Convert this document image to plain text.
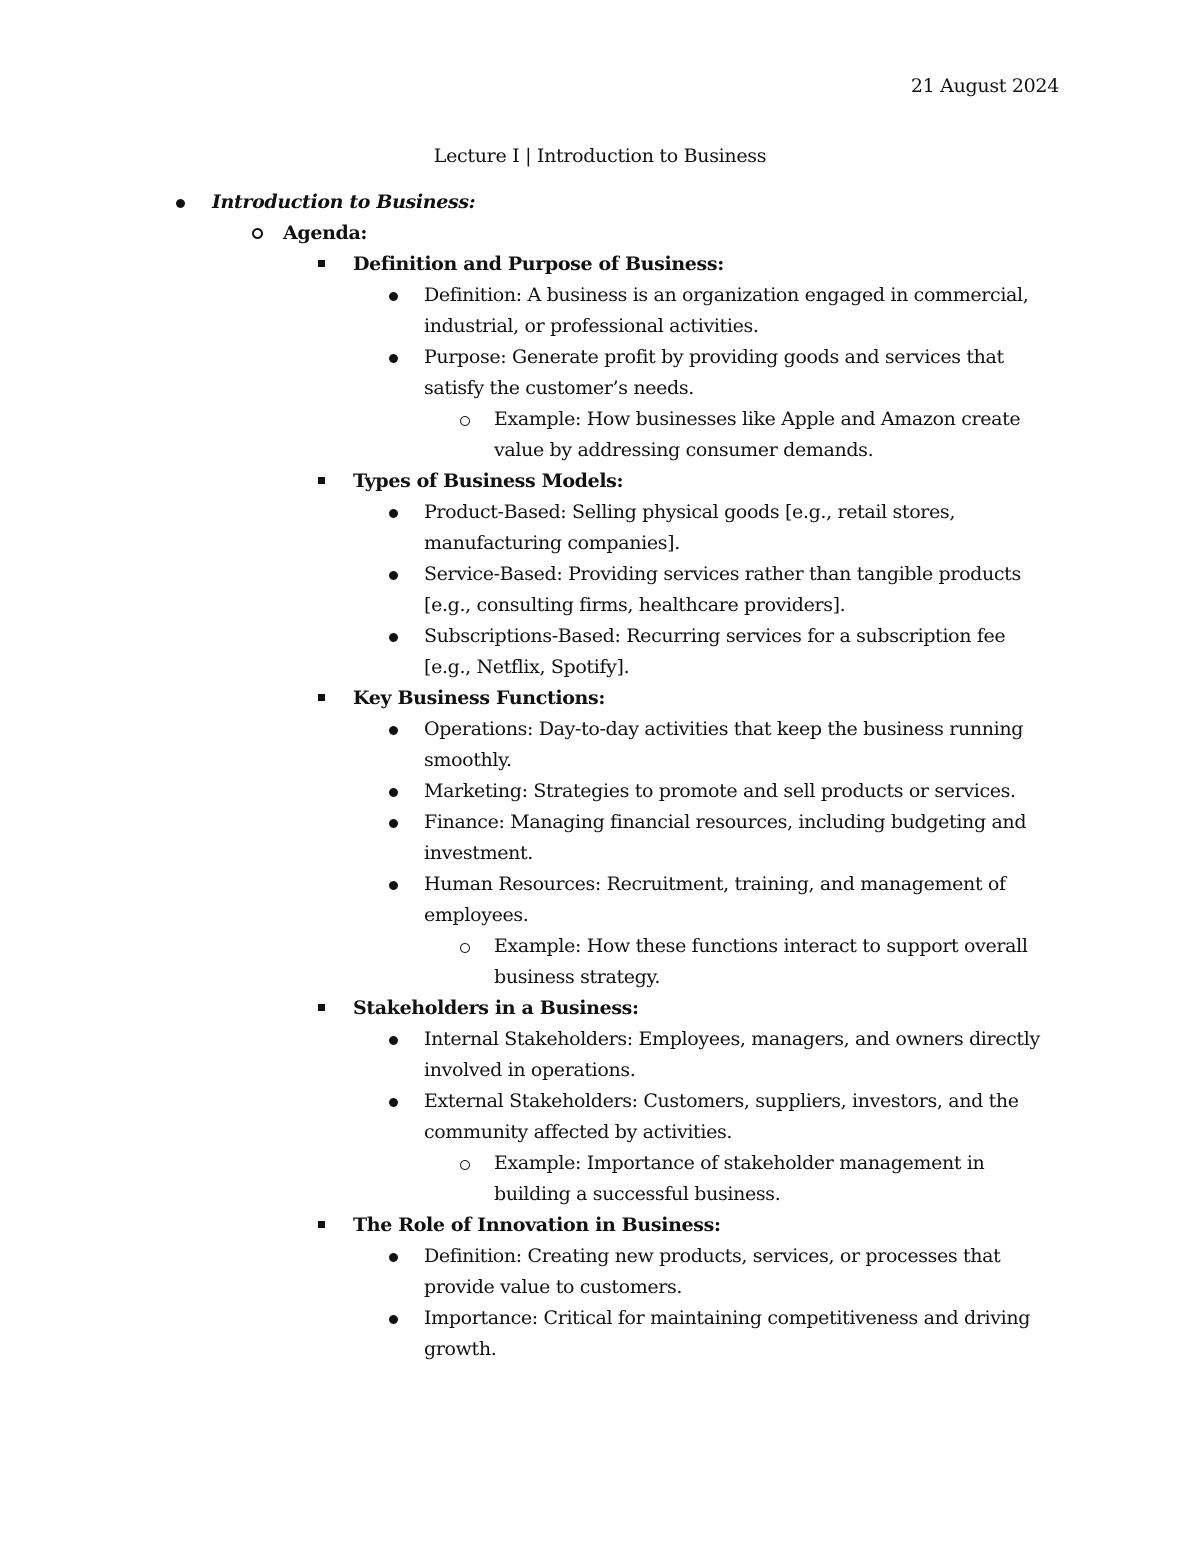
21 August 2024
Lecture I | Introduction to Business
Introduction to Business:
Agenda:
Definition and Purpose of Business:
Definition: A business is an organization engaged in commercial,
industrial, or professional activities.
Purpose: Generate profit by providing goods and services that
satisfy the customer’s needs.
Example: How businesses like Apple and Amazon create
value by addressing consumer demands.
Types of Business Models:
Product-Based: Selling physical goods [e.g., retail stores,
manufacturing companies].
Service-Based: Providing services rather than tangible products
[e.g., consulting firms, healthcare providers].
Subscriptions-Based: Recurring services for a subscription fee
[e.g., Netflix, Spotify].
Key Business Functions:
Operations: Day-to-day activities that keep the business running
smoothly.
Marketing: Strategies to promote and sell products or services.
Finance: Managing financial resources, including budgeting and
investment.
Human Resources: Recruitment, training, and management of
employees.
Example: How these functions interact to support overall
business strategy.
Stakeholders in a Business:
Internal Stakeholders: Employees, managers, and owners directly
involved in operations.
External Stakeholders: Customers, suppliers, investors, and the
community affected by activities.
Example: Importance of stakeholder management in
building a successful business.
The Role of Innovation in Business:
Definition: Creating new products, services, or processes that
provide value to customers.
Importance: Critical for maintaining competitiveness and driving
growth.
